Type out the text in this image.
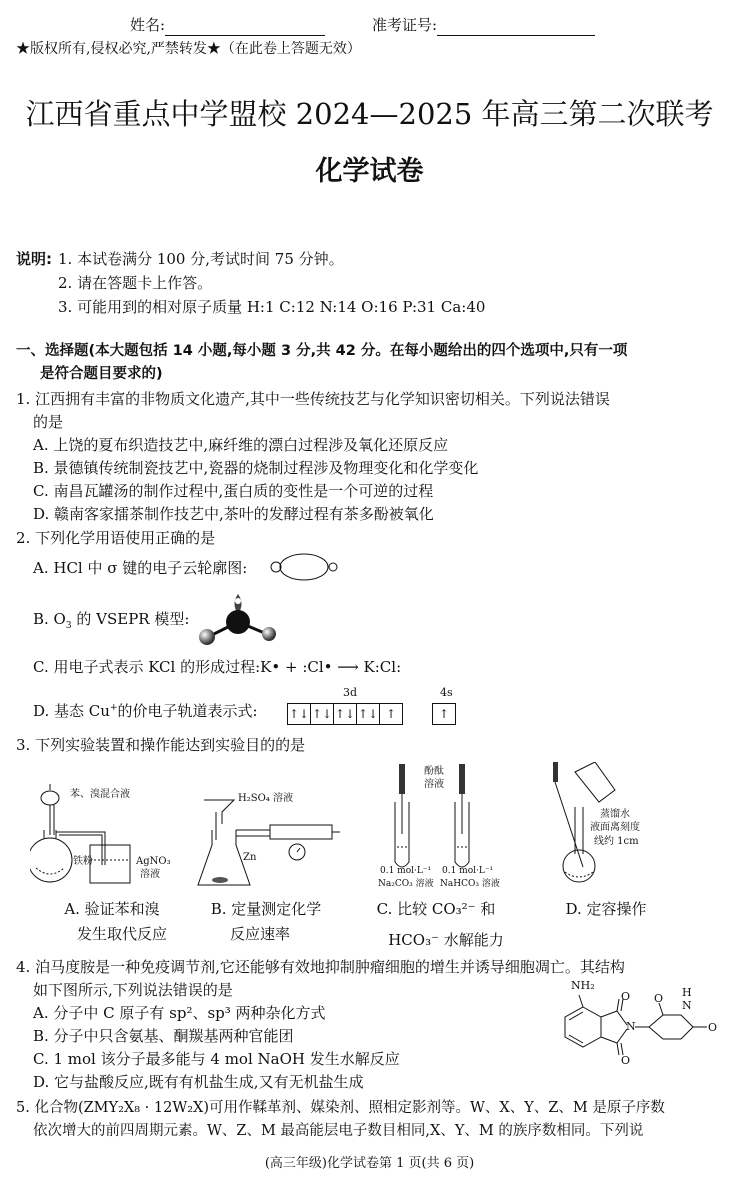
姓名:	准考证号:
★版权所有,侵权必究,严禁转发★（在此卷上答题无效）
江西省重点中学盟校 2024—2025 年高三第二次联考
化学试卷
说明: 1. 本试卷满分 100 分,考试时间 75 分钟。
2. 请在答题卡上作答。
3. 可能用到的相对原子质量 H:1 C:12 N:14 O:16 P:31 Ca:40
一、选择题(本大题包括 14 小题,每小题 3 分,共 42 分。在每小题给出的四个选项中,只有一项
是符合题目要求的)
1. 江西拥有丰富的非物质文化遗产,其中一些传统技艺与化学知识密切相关。下列说法错误
的是
A. 上饶的夏布织造技艺中,麻纤维的漂白过程涉及氧化还原反应
B. 景德镇传统制瓷技艺中,瓷器的烧制过程涉及物理变化和化学变化
C. 南昌瓦罐汤的制作过程中,蛋白质的变性是一个可逆的过程
D. 赣南客家擂茶制作技艺中,茶叶的发酵过程有茶多酚被氧化
2. 下列化学用语使用正确的是
A. HCl 中 σ 键的电子云轮廓图:
B. $O_3$ 的 VSEPR 模型:
C. 用电子式表示 KCl 的形成过程:K• + :Cl• ⟶ K:Cl:
3d	4s
D. 基态 Cu+的价电子轨道表示式:	↑↓ ↑↓ ↑↓ ↑↓ ↑	↑
3. 下列实验装置和操作能达到实验目的的是
苯、溴混合液
铁粉	AgNO₃
溶液
H₂SO₄ 溶液
Zn
酚酞
溶液
0.1 mol·L⁻¹
Na₂CO₃ 溶液
0.1 mol·L⁻¹
NaHCO₃ 溶液
蒸馏水
液面离刻度
线约 1cm
A. 验证苯和溴
发生取代反应
B. 定量测定化学
反应速率
C. 比较 CO₃²⁻ 和
HCO₃⁻ 水解能力
D. 定容操作
4. 泊马度胺是一种免疫调节剂,它还能够有效地抑制肿瘤细胞的增生并诱导细胞凋亡。其结构
如下图所示,下列说法错误的是
A. 分子中 C 原子有 sp²、sp³ 两种杂化方式
B. 分子中只含氨基、酮羰基两种官能团
C. 1 mol 该分子最多能与 4 mol NaOH 发生水解反应
D. 它与盐酸反应,既有有机盐生成,又有无机盐生成
NH₂
O
N
O
O H
N
O
5. 化合物(ZMY₂X₈ · 12W₂X)可用作鞣革剂、媒染剂、照相定影剂等。W、X、Y、Z、M 是原子序数
依次增大的前四周期元素。W、Z、M 最高能层电子数目相同,X、Y、M 的族序数相同。下列说
(高三年级)化学试卷第 1 页(共 6 页)
